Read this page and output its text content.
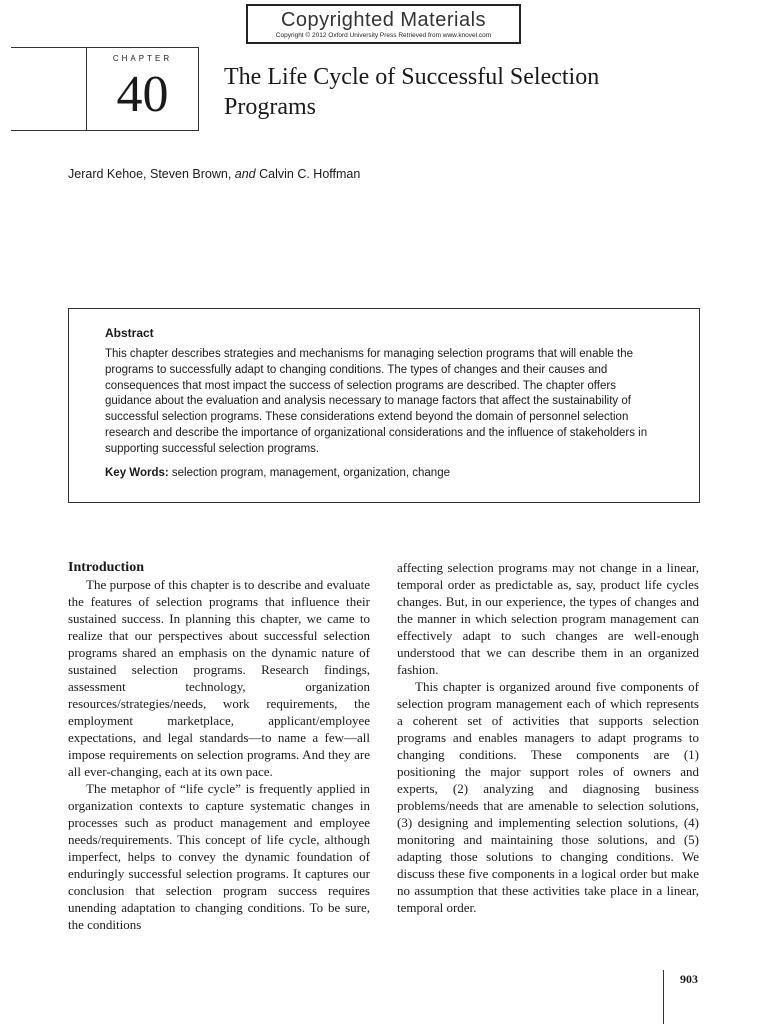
Copyrighted Materials
Copyright © 2012 Oxford University Press Retrieved from www.knovel.com
CHAPTER
40	The Life Cycle of Successful Selection Programs
Jerard Kehoe, Steven Brown, and Calvin C. Hoffman
Abstract

This chapter describes strategies and mechanisms for managing selection programs that will enable the programs to successfully adapt to changing conditions. The types of changes and their causes and consequences that most impact the success of selection programs are described. The chapter offers guidance about the evaluation and analysis necessary to manage factors that affect the sustainability of successful selection programs. These considerations extend beyond the domain of personnel selection research and describe the importance of organizational considerations and the influence of stakeholders in supporting successful selection programs.

Key Words: selection program, management, organization, change
Introduction

The purpose of this chapter is to describe and evaluate the features of selection programs that influence their sustained success. In planning this chapter, we came to realize that our perspectives about successful selection programs shared an emphasis on the dynamic nature of sustained selection programs. Research findings, assessment technology, organization resources/strategies/needs, work requirements, the employment marketplace, applicant/employee expectations, and legal standards—to name a few—all impose requirements on selection programs. And they are all ever-changing, each at its own pace.

The metaphor of “life cycle” is frequently applied in organization contexts to capture systematic changes in processes such as product management and employee needs/requirements. This concept of life cycle, although imperfect, helps to convey the dynamic foundation of enduringly successful selection programs. It captures our conclusion that selection program success requires unending adaptation to changing conditions. To be sure, the conditions

affecting selection programs may not change in a linear, temporal order as predictable as, say, product life cycles changes. But, in our experience, the types of changes and the manner in which selection program management can effectively adapt to such changes are well-enough understood that we can describe them in an organized fashion.

This chapter is organized around five components of selection program management each of which represents a coherent set of activities that supports selection programs and enables managers to adapt programs to changing conditions. These components are (1) positioning the major support roles of owners and experts, (2) analyzing and diagnosing business problems/needs that are amenable to selection solutions, (3) designing and implementing selection solutions, (4) monitoring and maintaining those solutions, and (5) adapting those solutions to changing conditions. We discuss these five components in a logical order but make no assumption that these activities take place in a linear, temporal order.

903
